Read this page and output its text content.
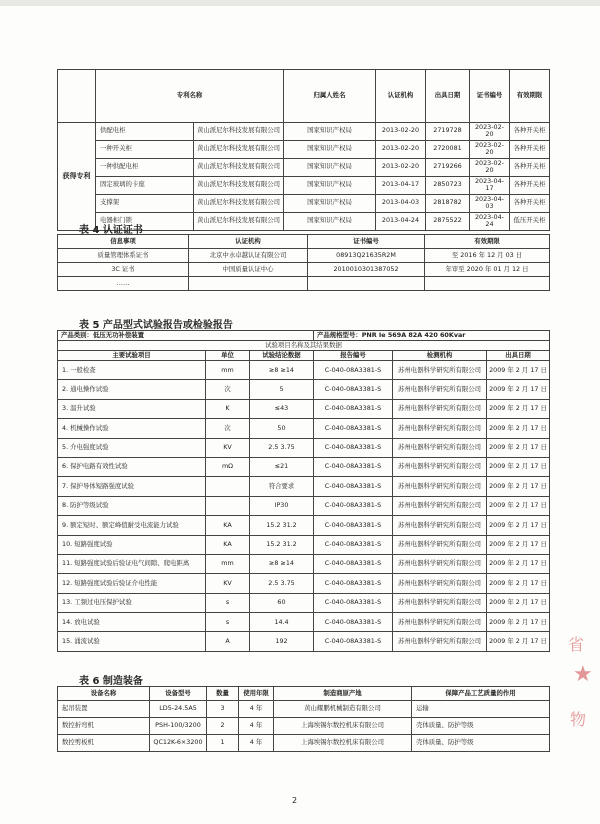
	专利名称		归属人姓名	认证机构	出具日期	证书编号	有效期限	
获得专利	供配电柜	黄山派尼尔科技发展有限公司	国家知识产权局	2013-02-20	2719728	2023-02-20	各种开关柜	
	一种开关柜	黄山派尼尔科技发展有限公司	国家知识产权局	2013-02-20	2720081	2023-02-20	各种开关柜	
	一种供配电柜	黄山派尼尔科技发展有限公司	国家知识产权局	2013-02-20	2719266	2023-02-20	各种开关柜	
	固定玻璃的卡座	黄山派尼尔科技发展有限公司	国家知识产权局	2013-04-17	2850723	2023-04-17	各种开关柜	
	支撑架	黄山派尼尔科技发展有限公司	国家知识产权局	2013-04-03	2818782	2023-04-03	各种开关柜	
	电器柜门锁	黄山派尼尔科技发展有限公司	国家知识产权局	2013-04-24	2875522	2023-04-24	低压开关柜	
表 4 认证证书
信息事项	认证机构	证书编号	有效期限
质量管理体系证书	北京中水卓越认证有限公司	08913Q21635R2M	至 2016 年 12 月 03 日
3C 证书	中国质量认证中心	2010010301387052	年审至 2020 年 01 月 12 日
……			
表 5 产品型式试验报告或检验报告
产品类别：低压无功补偿装置			产品规格型号：PNR Ie 569A 82A 420 60Kvar		
试验项目名称及其结果数据					
主要试验项目	单位	试验结论数据	报告编号	检测机构	出具日期
1. 一般检查	mm	≥8 ≥14	C-040-08A3381-S	苏州电器科学研究所有限公司	2009 年 2 月 17 日
2. 通电操作试验	次	5	C-040-08A3381-S	苏州电器科学研究所有限公司	2009 年 2 月 17 日
3. 温升试验	K	≤43	C-040-08A3381-S	苏州电器科学研究所有限公司	2009 年 2 月 17 日
4. 机械操作试验	次	50	C-040-08A3381-S	苏州电器科学研究所有限公司	2009 年 2 月 17 日
5. 介电强度试验	KV	2.5 3.75	C-040-08A3381-S	苏州电器科学研究所有限公司	2009 年 2 月 17 日
6. 保护电路有效性试验	mΩ	≤21	C-040-08A3381-S	苏州电器科学研究所有限公司	2009 年 2 月 17 日
7. 保护导体短路强度试验		符合要求	C-040-08A3381-S	苏州电器科学研究所有限公司	2009 年 2 月 17 日
8. 防护等级试验		IP30	C-040-08A3381-S	苏州电器科学研究所有限公司	2009 年 2 月 17 日
9. 额定短时、额定峰值耐受电流能力试验	KA	15.2 31.2	C-040-08A3381-S	苏州电器科学研究所有限公司	2009 年 2 月 17 日
10. 短路强度试验	KA	15.2 31.2	C-040-08A3381-S	苏州电器科学研究所有限公司	2009 年 2 月 17 日
11. 短路强度试验后验证电气间隙、爬电距离	mm	≥8 ≥14	C-040-08A3381-S	苏州电器科学研究所有限公司	2009 年 2 月 17 日
12. 短路强度试验后验证介电性能	KV	2.5 3.75	C-040-08A3381-S	苏州电器科学研究所有限公司	2009 年 2 月 17 日
13. 工频过电压保护试验	s	60	C-040-08A3381-S	苏州电器科学研究所有限公司	2009 年 2 月 17 日
14. 放电试验	s	14.4	C-040-08A3381-S	苏州电器科学研究所有限公司	2009 年 2 月 17 日
15. 涌流试验	A	192	C-040-08A3381-S	苏州电器科学研究所有限公司	2009 年 2 月 17 日
表 6 制造装备
设备名称	设备型号	数量	使用年限	制造商原产地	保障产品工艺质量的作用
起吊装置	LD5-24.5A5	3	4 年	黄山耀鹏机械制造有限公司	运输
数控折弯机	PSH-100/3200	2	4 年	上海埃锡尔数控机床有限公司	壳体质量、防护等级
数控剪板机	QC12K-6×3200	1	4 年	上海埃锡尔数控机床有限公司	壳体质量、防护等级
2
省
★
物
